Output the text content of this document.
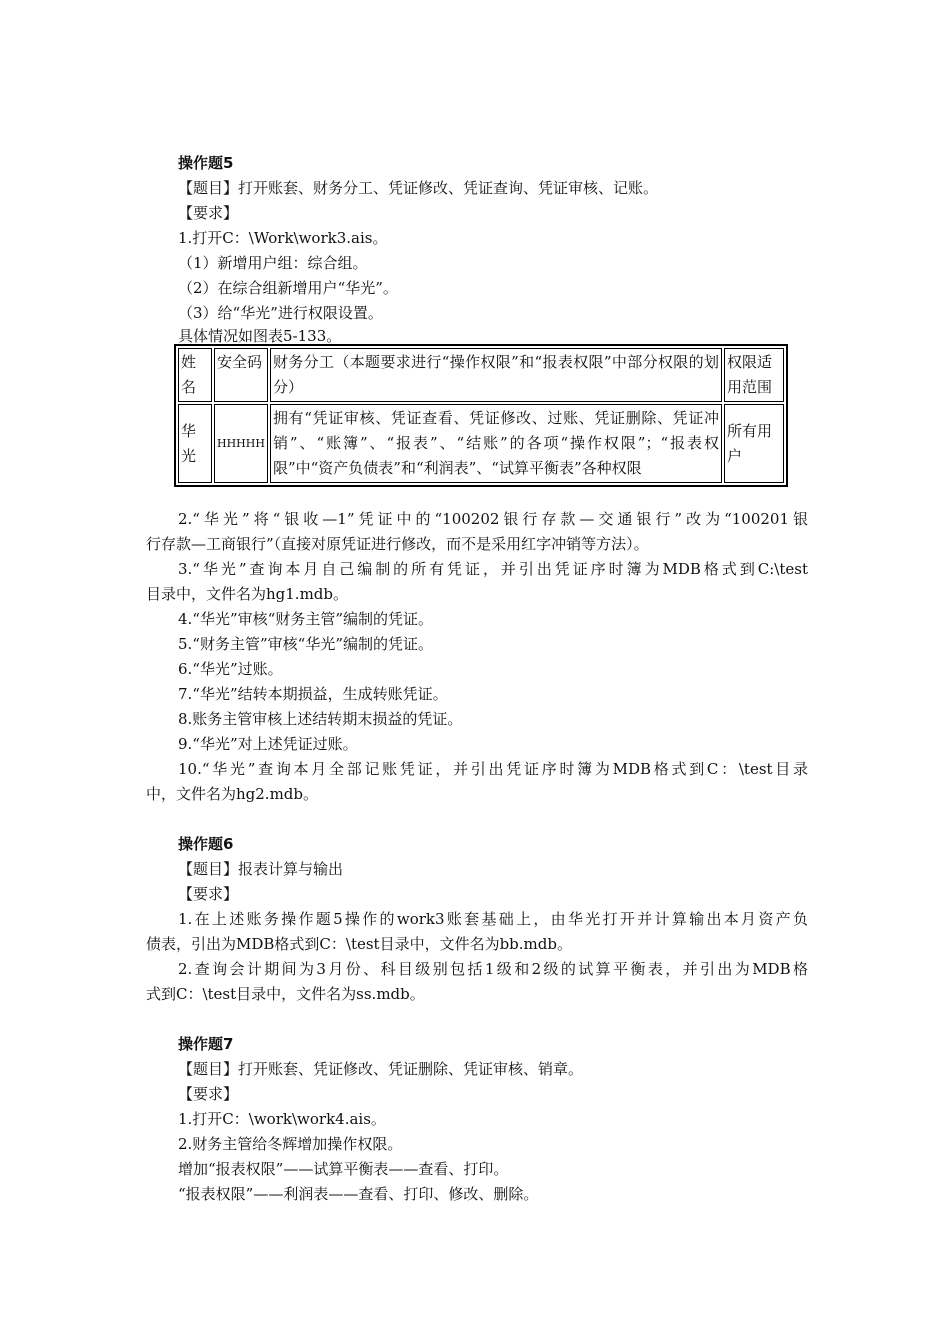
操作题5
【题目】打开账套、财务分工、凭证修改、凭证查询、凭证审核、记账。
【要求】
1.打开C：\Work\work3.ais。
（1）新增用户组：综合组。
（2）在综合组新增用户“华光”。
（3）给“华光”进行权限设置。
具体情况如图表5-133。
姓名	安全码	财务分工（本题要求进行“操作权限”和“报表权限”中部分权限的划分）	权限适用范围
华光	HHHHH	拥有“凭证审核、凭证查看、凭证修改、过账、凭证删除、凭证冲销”、“账簿”、“报表”、“结账”的各项“操作权限”；“报表权限”中“资产负债表”和“利润表”、“试算平衡表”各种权限	所有用户
2.“华光”将“银收—1”凭证中的“100202银行存款—交通银行”改为“100201银
行存款—工商银行”（直接对原凭证进行修改，而不是采用红字冲销等方法）。
3.“华光”查询本月自己编制的所有凭证，并引出凭证序时簿为MDB格式到C:\test
目录中，文件名为hg1.mdb。
4.“华光”审核“财务主管”编制的凭证。
5.“财务主管”审核“华光”编制的凭证。
6.“华光”过账。
7.“华光”结转本期损益，生成转账凭证。
8.账务主管审核上述结转期末损益的凭证。
9.“华光”对上述凭证过账。
10.“华光”查询本月全部记账凭证，并引出凭证序时簿为MDB格式到C：\test目录
中，文件名为hg2.mdb。
操作题6
【题目】报表计算与输出
【要求】
1.在上述账务操作题5操作的work3账套基础上，由华光打开并计算输出本月资产负
债表，引出为MDB格式到C：\test目录中，文件名为bb.mdb。
2.查询会计期间为3月份、科目级别包括1级和2级的试算平衡表，并引出为MDB格
式到C：\test目录中，文件名为ss.mdb。
操作题7
【题目】打开账套、凭证修改、凭证删除、凭证审核、销章。
【要求】
1.打开C：\work\work4.ais。
2.财务主管给冬辉增加操作权限。
增加“报表权限”——试算平衡表——查看、打印。
“报表权限”——利润表——查看、打印、修改、删除。
